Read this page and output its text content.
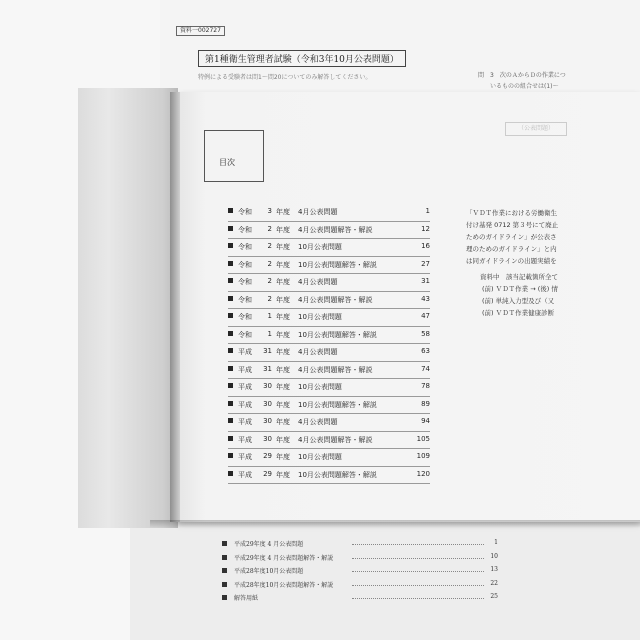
資料一002727
第1種衛生管理者試験（令和3年10月公表問題）
特例による受験者は問1～問20についてのみ解答してください。	問　3　次のＡからＤの作業につ
いるものの組合せは(1)～
目次
（公表問題）
令和	3 年度 4月公表問題	1
令和	2 年度 4月公表問題解答・解説	12
令和	2 年度 10月公表問題	16
令和	2 年度 10月公表問題解答・解説	27
令和	2 年度 4月公表問題	31
令和	2 年度 4月公表問題解答・解説	43
令和	1 年度 10月公表問題	47
令和	1 年度 10月公表問題解答・解説	58
平成	31 年度 4月公表問題	63
平成	31 年度 4月公表問題解答・解説	74
平成	30 年度 10月公表問題	78
平成	30 年度 10月公表問題解答・解説	89
平成	30 年度 4月公表問題	94
平成	30 年度 4月公表問題解答・解説	105
平成	29 年度 10月公表問題	109
平成	29 年度 10月公表問題解答・解説	120
「ＶＤＴ作業における労働衛生
付け基発 0712 第３号にて廃止
ためのガイドライン」が公表さ
理のためのガイドライン」と内
は同ガイドラインの出題実績を
資料中　該当記載箇所全て
(前) ＶＤＴ作業 → (後) 情
(前) 単純入力型及び（又
(前) ＶＤＴ作業健康診断
平成29年度 4 月公表問題	1
平成29年度 4 月公表問題解答・解説	10
平成28年度10月公表問題	13
平成28年度10月公表問題解答・解説	22
解答用紙	25
